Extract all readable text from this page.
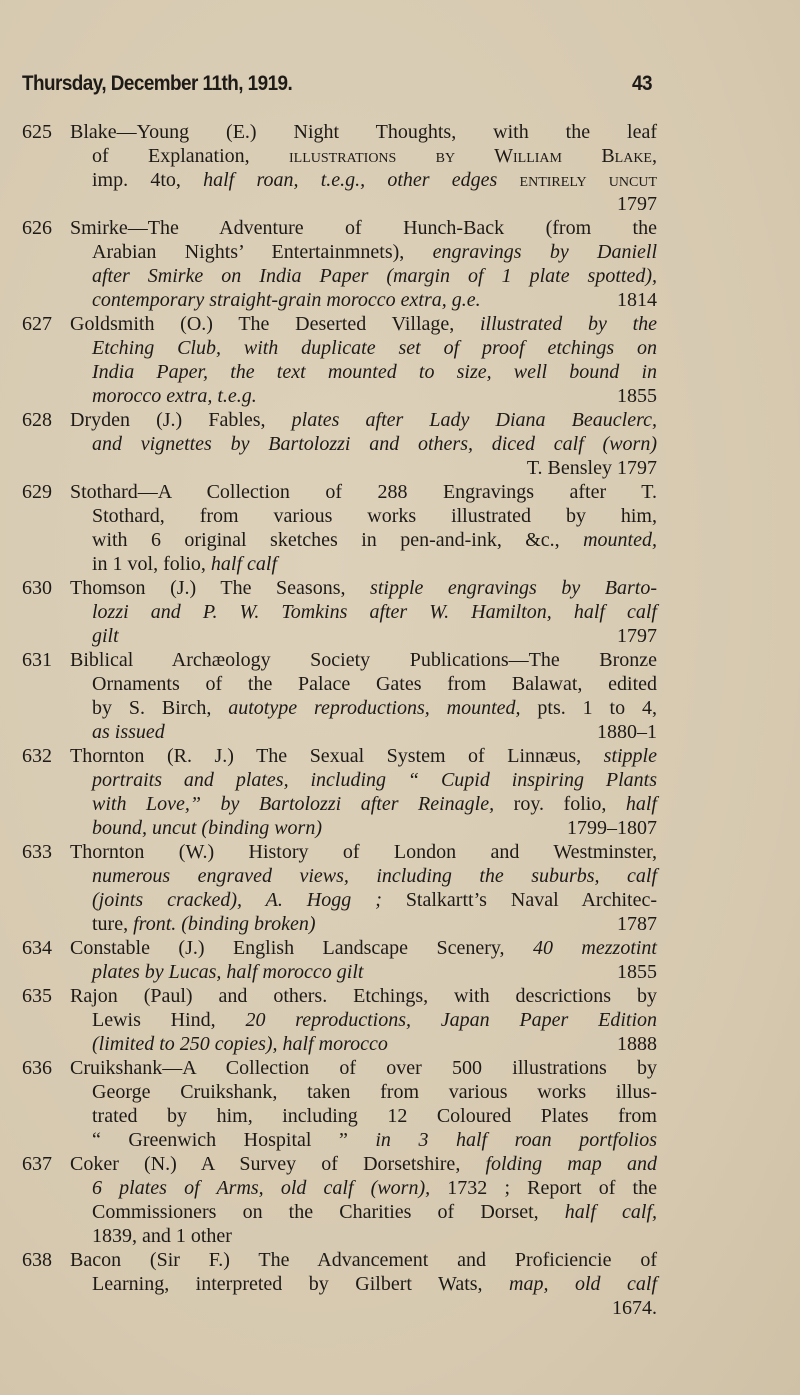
Thursday, December 11th, 1919.	43
625 Blake—Young (E.) Night Thoughts, with the leaf
of Explanation, illustrations by William Blake,
imp. 4to, half roan, t.e.g., other edges entirely uncut
1797
626 Smirke—The Adventure of Hunch-Back (from the
Arabian Nights’ Entertainmnets), engravings by Daniell
after Smirke on India Paper (margin of 1 plate spotted),
contemporary straight-grain morocco extra, g.e.	1814
627 Goldsmith (O.) The Deserted Village, illustrated by the
Etching Club, with duplicate set of proof etchings on
India Paper, the text mounted to size, well bound in
morocco extra, t.e.g.	1855
628 Dryden (J.) Fables, plates after Lady Diana Beauclerc,
and vignettes by Bartolozzi and others, diced calf (worn)
T. Bensley 1797
629 Stothard—A Collection of 288 Engravings after T.
Stothard, from various works illustrated by him,
with 6 original sketches in pen-and-ink, &c., mounted,
in 1 vol, folio, half calf
630 Thomson (J.) The Seasons, stipple engravings by Barto-
lozzi and P. W. Tomkins after W. Hamilton, half calf
gilt	1797
631 Biblical Archæology Society Publications—The Bronze
Ornaments of the Palace Gates from Balawat, edited
by S. Birch, autotype reproductions, mounted, pts. 1 to 4,
as issued	1880–1
632 Thornton (R. J.) The Sexual System of Linnæus, stipple
portraits and plates, including “ Cupid inspiring Plants
with Love,” by Bartolozzi after Reinagle, roy. folio, half
bound, uncut (binding worn)	1799–1807
633 Thornton (W.) History of London and Westminster,
numerous engraved views, including the suburbs, calf
(joints cracked), A. Hogg ; Stalkartt’s Naval Architec-
ture, front. (binding broken)	1787
634 Constable (J.) English Landscape Scenery, 40 mezzotint
plates by Lucas, half morocco gilt	1855
635 Rajon (Paul) and others. Etchings, with descrictions by
Lewis Hind, 20 reproductions, Japan Paper Edition
(limited to 250 copies), half morocco	1888
636 Cruikshank—A Collection of over 500 illustrations by
George Cruikshank, taken from various works illus-
trated by him, including 12 Coloured Plates from
“ Greenwich Hospital ” in 3 half roan portfolios
637 Coker (N.) A Survey of Dorsetshire, folding map and
6 plates of Arms, old calf (worn), 1732 ; Report of the
Commissioners on the Charities of Dorset, half calf,
1839, and 1 other
638 Bacon (Sir F.) The Advancement and Proficiencie of
Learning, interpreted by Gilbert Wats, map, old calf
1674.
